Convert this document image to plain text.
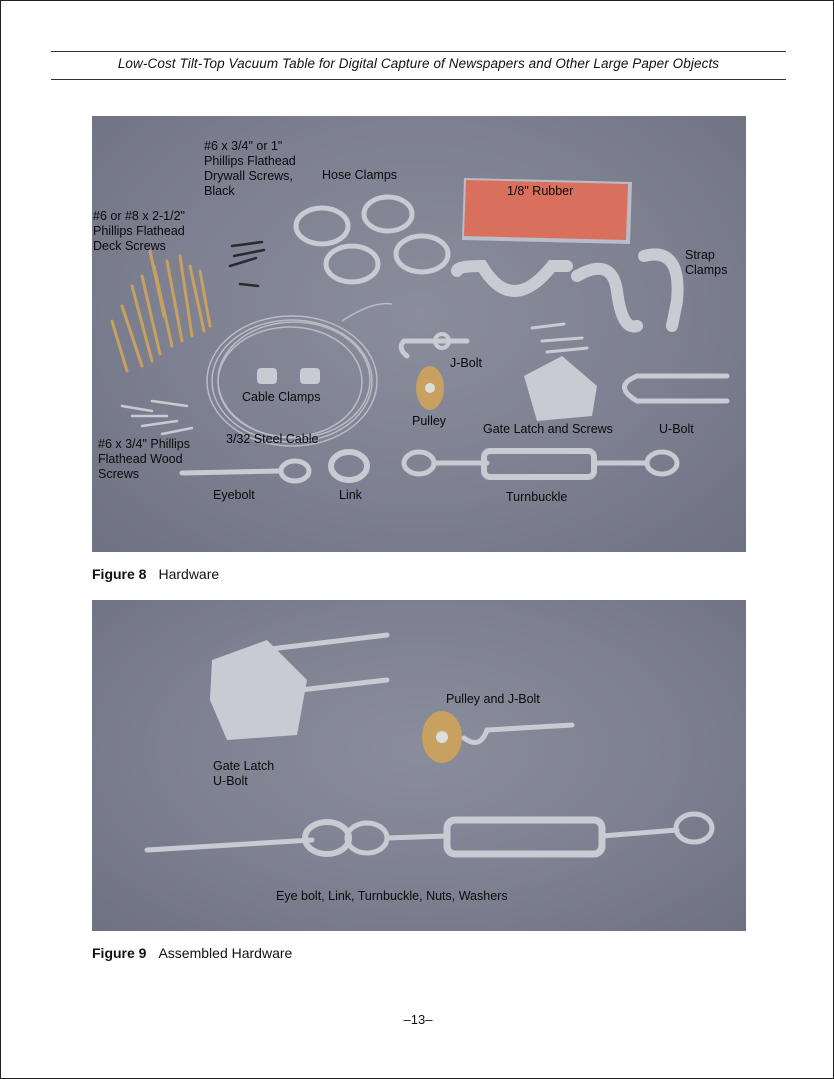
Low-Cost Tilt-Top Vacuum Table for Digital Capture of Newspapers and Other Large Paper Objects
#6 x 3/4" or 1"
Phillips Flathead
Drywall Screws,
Black
Hose Clamps
1/8" Rubber
#6 or #8 x 2-1/2"
Phillips Flathead
Deck Screws
Strap
Clamps
J-Bolt
Cable Clamps
Pulley
Gate Latch and Screws	U-Bolt
3/32 Steel Cable
#6 x 3/4" Phillips
Flathead Wood
Screws
Eyebolt	Link	Turnbuckle
Figure 8 Hardware
Pulley and J-Bolt
Gate Latch
U-Bolt
Eye bolt, Link, Turnbuckle, Nuts, Washers
Figure 9 Assembled Hardware
–13–
